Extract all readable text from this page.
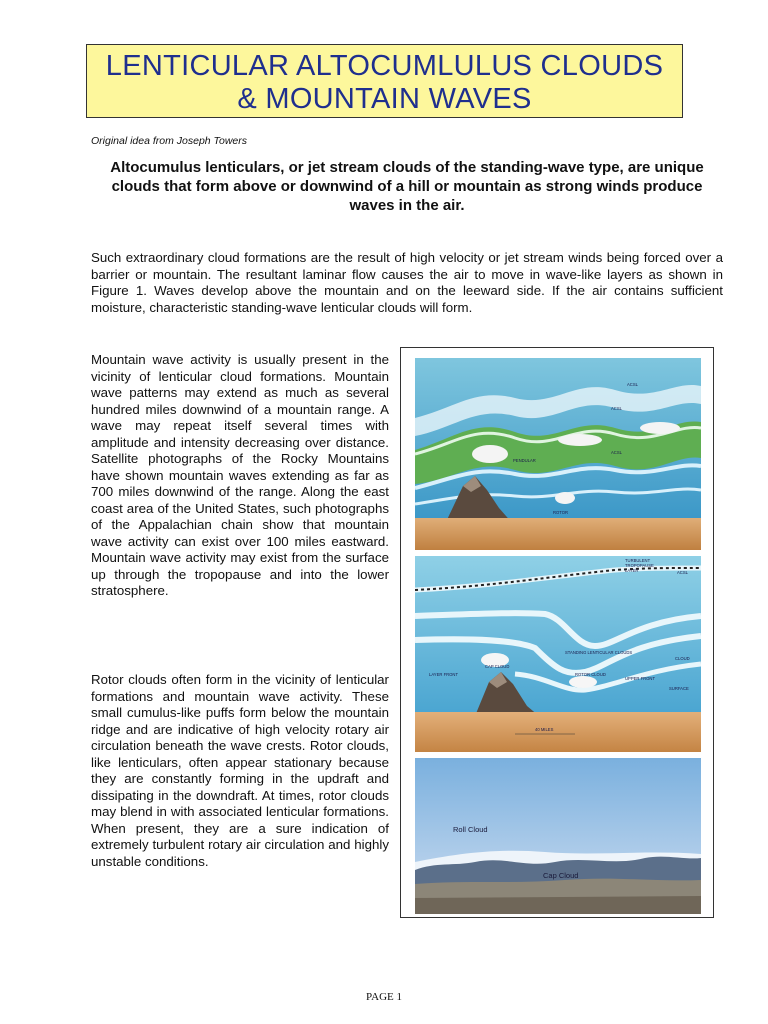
LENTICULAR ALTOCUMLULUS CLOUDS
& MOUNTAIN WAVES
Original idea from Joseph Towers
Altocumulus lenticulars, or jet stream clouds of the standing-wave type, are unique clouds that form above or downwind of a hill or mountain as strong winds produce waves in the air.
Such extraordinary cloud formations are the result of high velocity or jet stream winds being forced over a barrier or mountain. The resultant laminar flow causes the air to move in wave-like layers as shown in Figure 1. Waves develop above the mountain and on the leeward side. If the air contains sufficient moisture, characteristic standing-wave lenticular clouds will form.
Mountain wave activity is usually present in the vicinity of lenticular cloud formations. Mountain wave patterns may extend as much as several hundred miles downwind of a mountain range. A wave may repeat itself several times with amplitude and intensity decreasing over distance. Satellite photographs of the Rocky Mountains have shown mountain waves extending as far as 700 miles downwind of the range. Along the east coast area of the United States, such photographs of the Appalachian chain show that mountain wave activity can exist over 100 miles eastward. Mountain wave activity may exist from the surface up through the tropopause and into the lower stratosphere.
Rotor clouds often form in the vicinity of lenticular formations and mountain wave activity. These small cumulus-like puffs form below the mountain ridge and are indicative of high velocity rotary air circulation beneath the wave crests. Rotor clouds, like lenticulars, often appear stationary because they are constantly forming in the updraft and dissipating in the downdraft. At times, rotor clouds may blend in with associated lenticular formations. When present, they are a sure indication of extremely turbulent rotary air circulation and highly unstable conditions.
ACSL
ACSL
PENDULAR
ACSL
ROTOR
TURBULENT
TROPOPAUSE
LAYER	ACSL
STANDING LENTICULAR CLOUDS
CLOUD
ROTOR CLOUD
LAYER FRONT
CAP CLOUD
UPPER FRONT
SURFACE
40 MILES
Roll Cloud
Cap Cloud
PAGE 1
